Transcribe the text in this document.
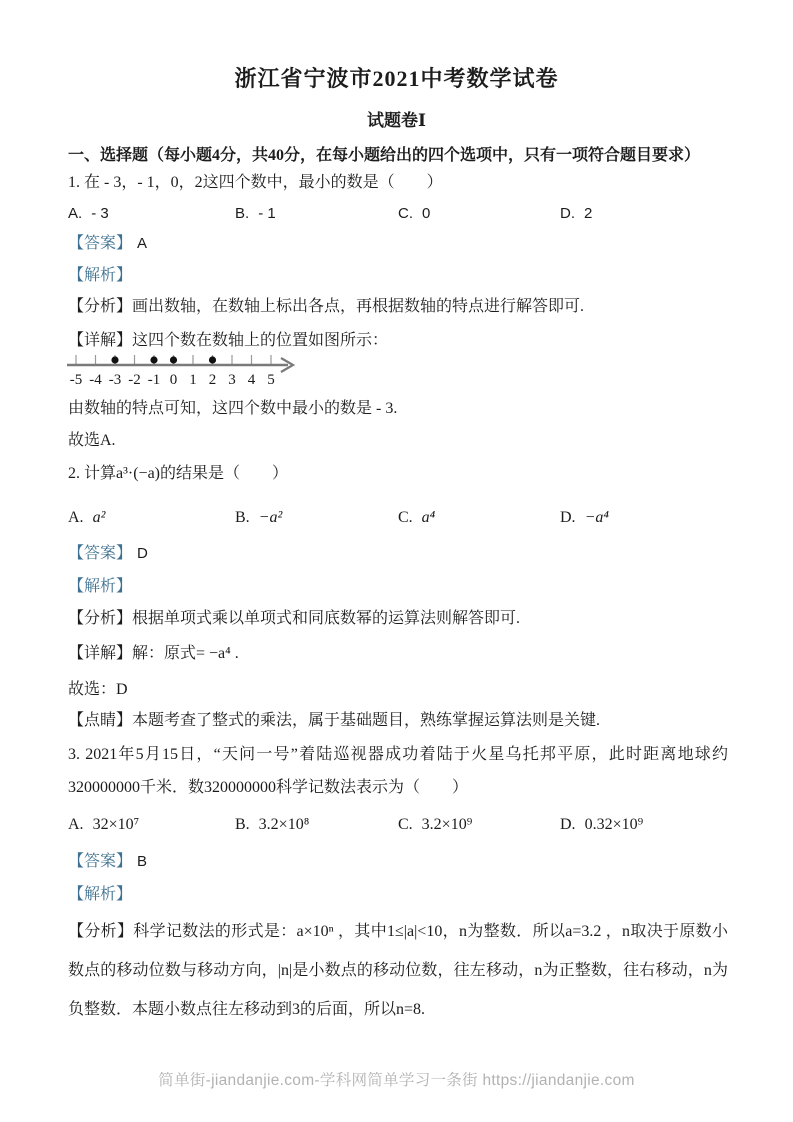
浙江省宁波市2021中考数学试卷
试题卷Ⅰ
一、选择题（每小题4分，共40分，在每小题给出的四个选项中，只有一项符合题目要求）
1. 在 - 3，- 1，0，2这四个数中，最小的数是（　　）
A. - 3	B. - 1	C. 0	D. 2
【答案】 A
【解析】
【分析】画出数轴，在数轴上标出各点，再根据数轴的特点进行解答即可.
【详解】这四个数在数轴上的位置如图所示：
-5 -4 -3 -2 -1 0 1 2 3 4 5
由数轴的特点可知，这四个数中最小的数是 - 3.
故选A.
2. 计算a³·(−a)的结果是（　　）
A. a²	B. −a²	C. a⁴	D. −a⁴
【答案】 D
【解析】
【分析】根据单项式乘以单项式和同底数幂的运算法则解答即可.
【详解】解：原式= −a⁴ .
故选：D
【点睛】本题考查了整式的乘法，属于基础题目，熟练掌握运算法则是关键.
3. 2021年5月15日，“天问一号”着陆巡视器成功着陆于火星乌托邦平原，此时距离地球约320000000千米．数320000000科学记数法表示为（　　）
A. 32×10⁷	B. 3.2×10⁸	C. 3.2×10⁹	D. 0.32×10⁹
【答案】 B
【解析】
【分析】科学记数法的形式是：a×10ⁿ ，其中1≤|a|<10，n为整数．所以a=3.2 ，n取决于原数小数点的移动位数与移动方向，|n|是小数点的移动位数，往左移动，n为正整数，往右移动，n为负整数．本题小数点往左移动到3的后面，所以n=8.
简单街-jiandanjie.com-学科网简单学习一条街 https://jiandanjie.com
